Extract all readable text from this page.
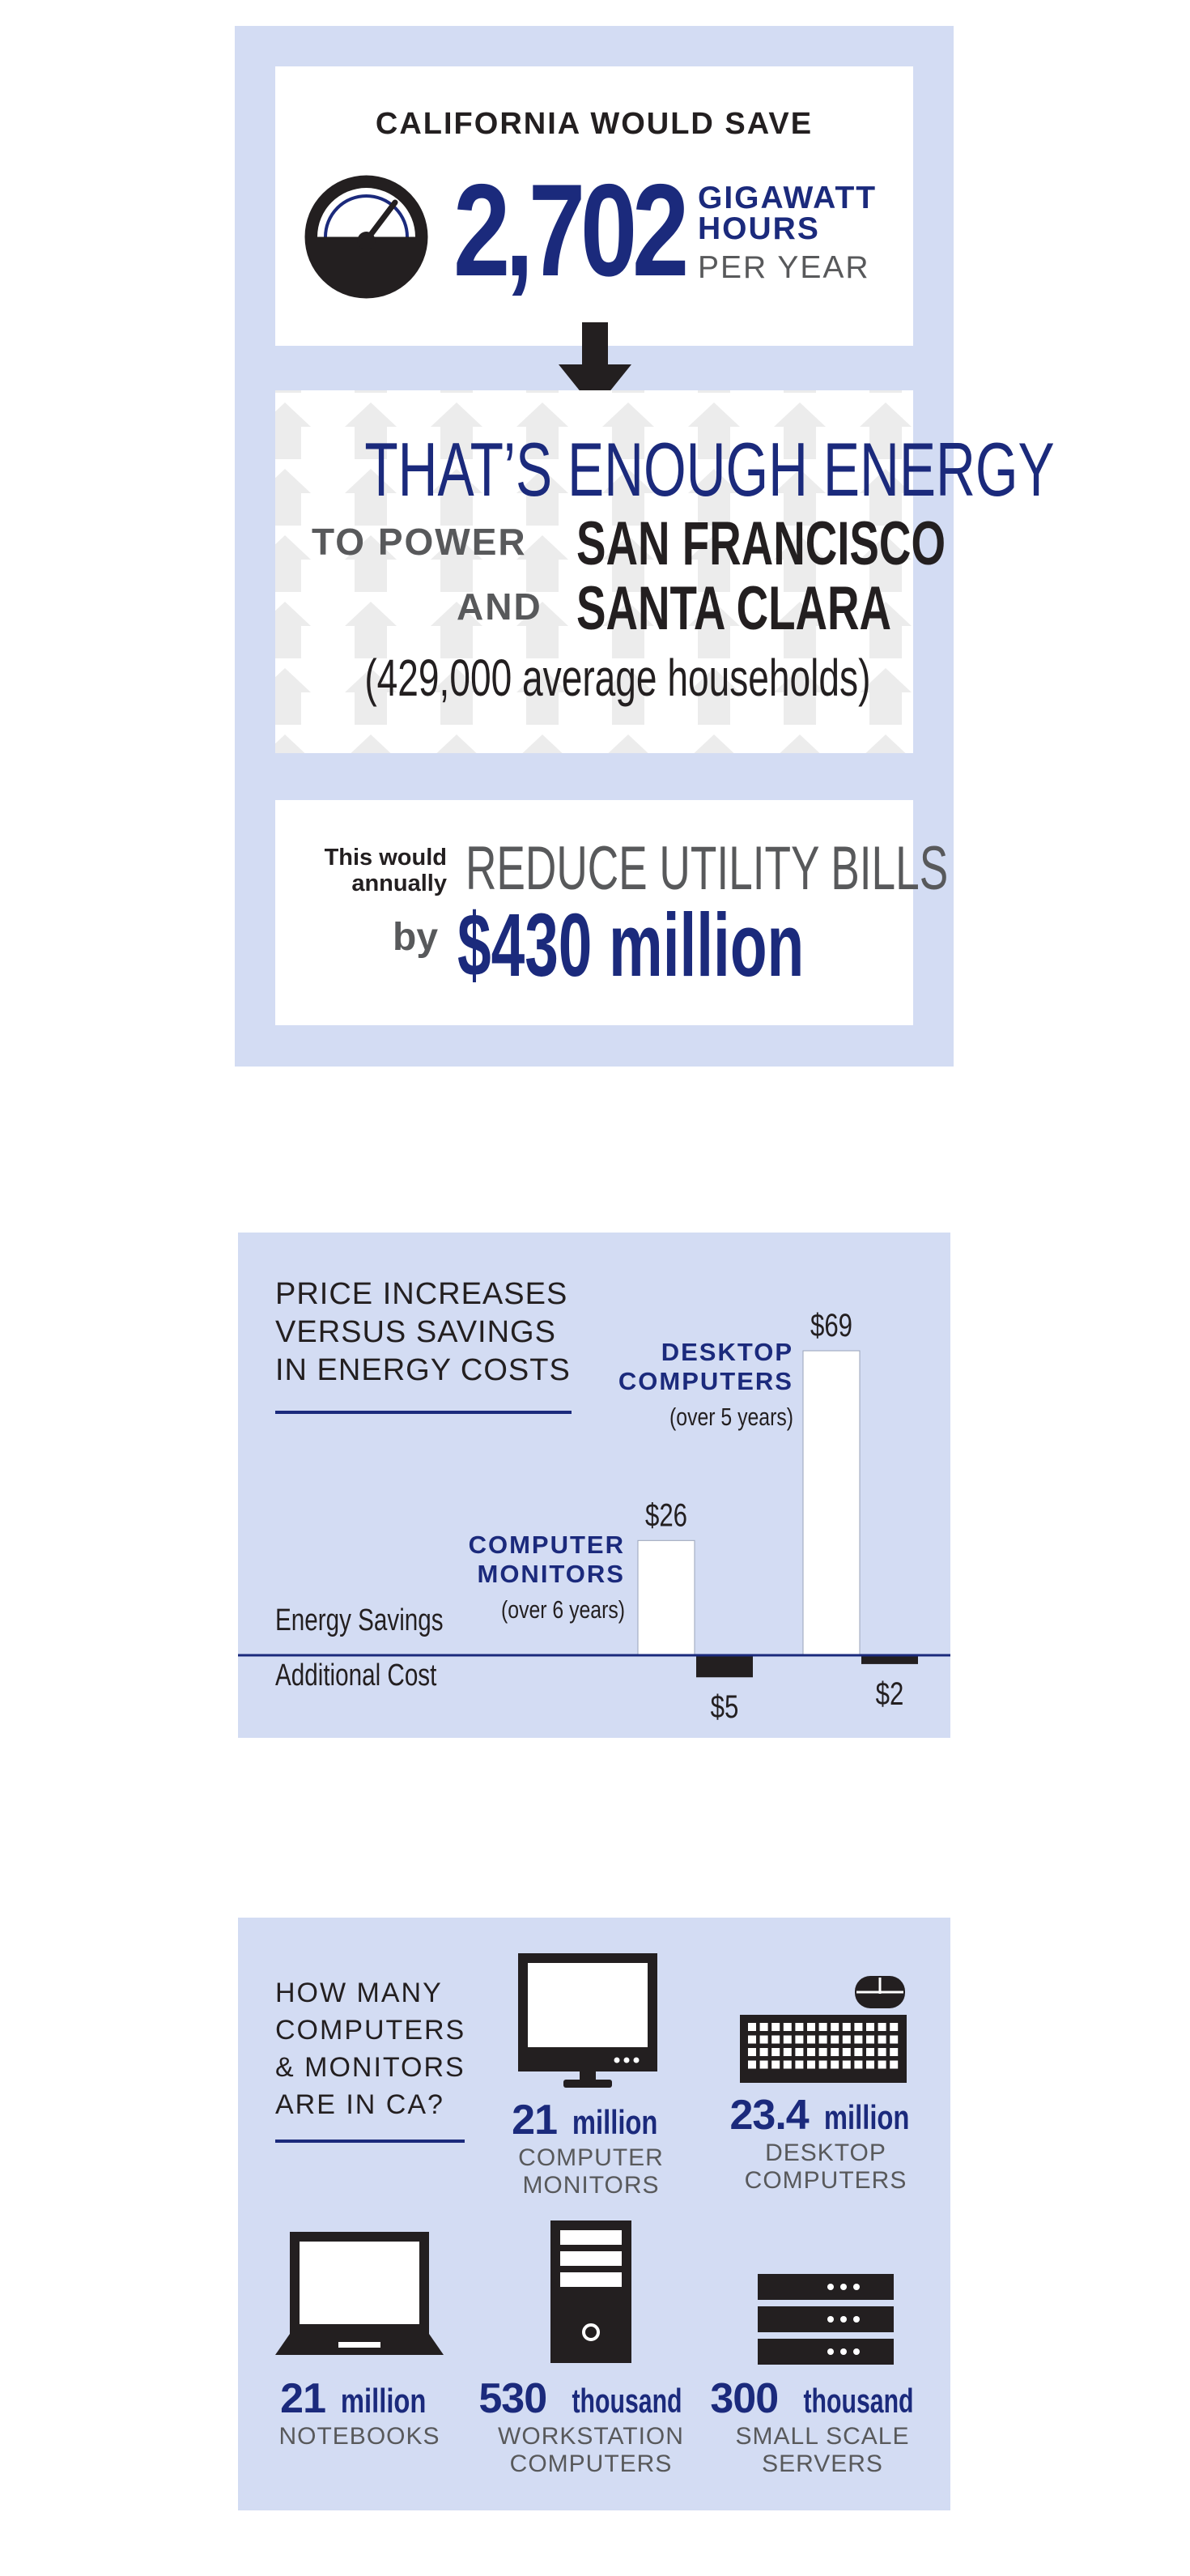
CALIFORNIA WOULD SAVE
2,702 GIGAWATT
HOURS
PER YEAR
THAT’S ENOUGH ENERGY
TO POWER SAN FRANCISCO
AND SANTA CLARA
(429,000 average households)
This would
annually REDUCE UTILITY BILLS
by $430 million
PRICE INCREASES
VERSUS SAVINGS
IN ENERGY COSTS
Energy Savings
Additional Cost
COMPUTER
MONITORS
(over 6 years)
DESKTOP
COMPUTERS
(over 5 years)
$26
$69
$5	$2
HOW MANY
COMPUTERS
& MONITORS
ARE IN CA?	21 million
COMPUTER
MONITORS
23.4 million
DESKTOP
COMPUTERS
21 million
NOTEBOOKS
530 thousand
WORKSTATION
COMPUTERS
300 thousand
SMALL SCALE
SERVERS
